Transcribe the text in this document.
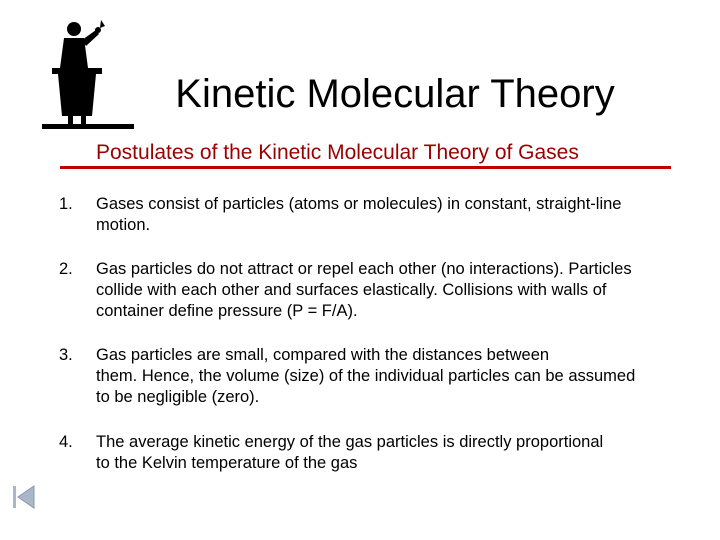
Kinetic Molecular Theory
Postulates of the Kinetic Molecular Theory of Gases
1.	Gases consist of particles (atoms or molecules) in constant, straight-line
motion.
2.	Gas particles do not attract or repel each other (no interactions). Particles
collide with each other and surfaces elastically. Collisions with walls of
container define pressure (P = F/A).
3.	Gas particles are small, compared with the distances between
them. Hence, the volume (size) of the individual particles can be assumed
to be negligible (zero).
4.	The average kinetic energy of the gas particles is directly proportional
to the Kelvin temperature of the gas
